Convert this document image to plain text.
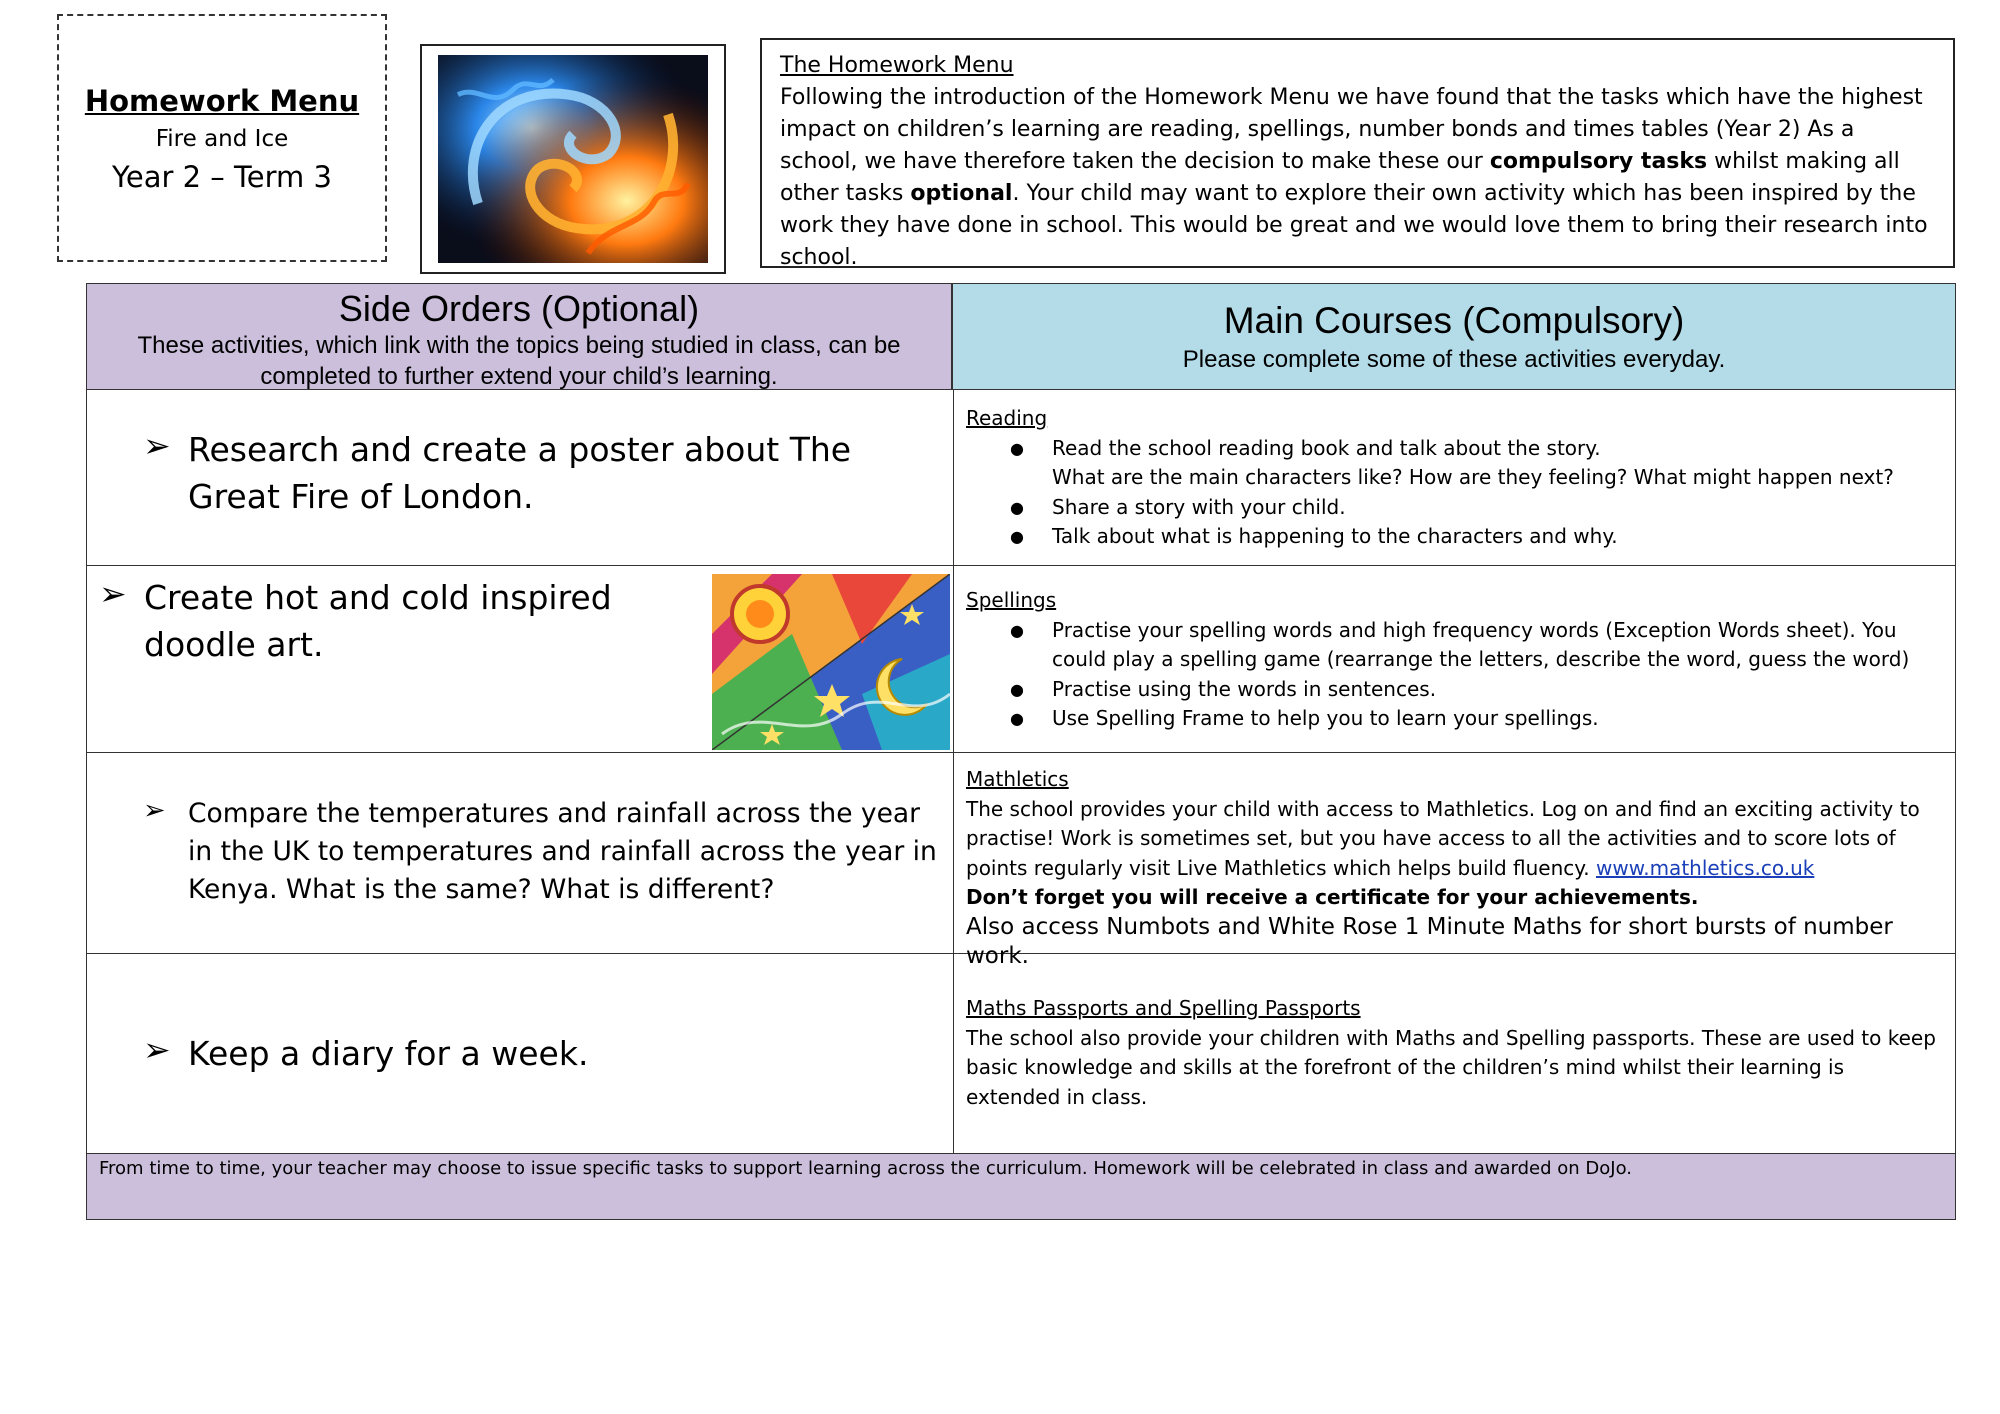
Homework Menu
Fire and Ice
Year 2 – Term 3
The Homework Menu
Following the introduction of the Homework Menu we have found that the tasks which have the highest impact on children’s learning are reading, spellings, number bonds and times tables (Year 2) As a school, we have therefore taken the decision to make these our compulsory tasks whilst making all other tasks optional. Your child may want to explore their own activity which has been inspired by the work they have done in school. This would be great and we would love them to bring their research into school.
Side Orders (Optional)
These activities, which link with the topics being studied in class, can be completed to further extend your child’s learning.
Main Courses (Compulsory)
Please complete some of these activities everyday.
➢ Research and create a poster about The Great Fire of London.
Reading
● Read the school reading book and talk about the story.
What are the main characters like? How are they feeling? What might happen next?
● Share a story with your child.
● Talk about what is happening to the characters and why.
➢ Create hot and cold inspired doodle art.
Spellings
● Practise your spelling words and high frequency words (Exception Words sheet). You could play a spelling game (rearrange the letters, describe the word, guess the word)
● Practise using the words in sentences.
● Use Spelling Frame to help you to learn your spellings.
➢ Compare the temperatures and rainfall across the year in the UK to temperatures and rainfall across the year in Kenya. What is the same? What is different?
Mathletics
The school provides your child with access to Mathletics. Log on and find an exciting activity to practise! Work is sometimes set, but you have access to all the activities and to score lots of points regularly visit Live Mathletics which helps build fluency. www.mathletics.co.uk
Don’t forget you will receive a certificate for your achievements.
Also access Numbots and White Rose 1 Minute Maths for short bursts of number work.
➢ Keep a diary for a week.
Maths Passports and Spelling Passports
The school also provide your children with Maths and Spelling passports. These are used to keep basic knowledge and skills at the forefront of the children’s mind whilst their learning is extended in class.
From time to time, your teacher may choose to issue specific tasks to support learning across the curriculum. Homework will be celebrated in class and awarded on DoJo.
